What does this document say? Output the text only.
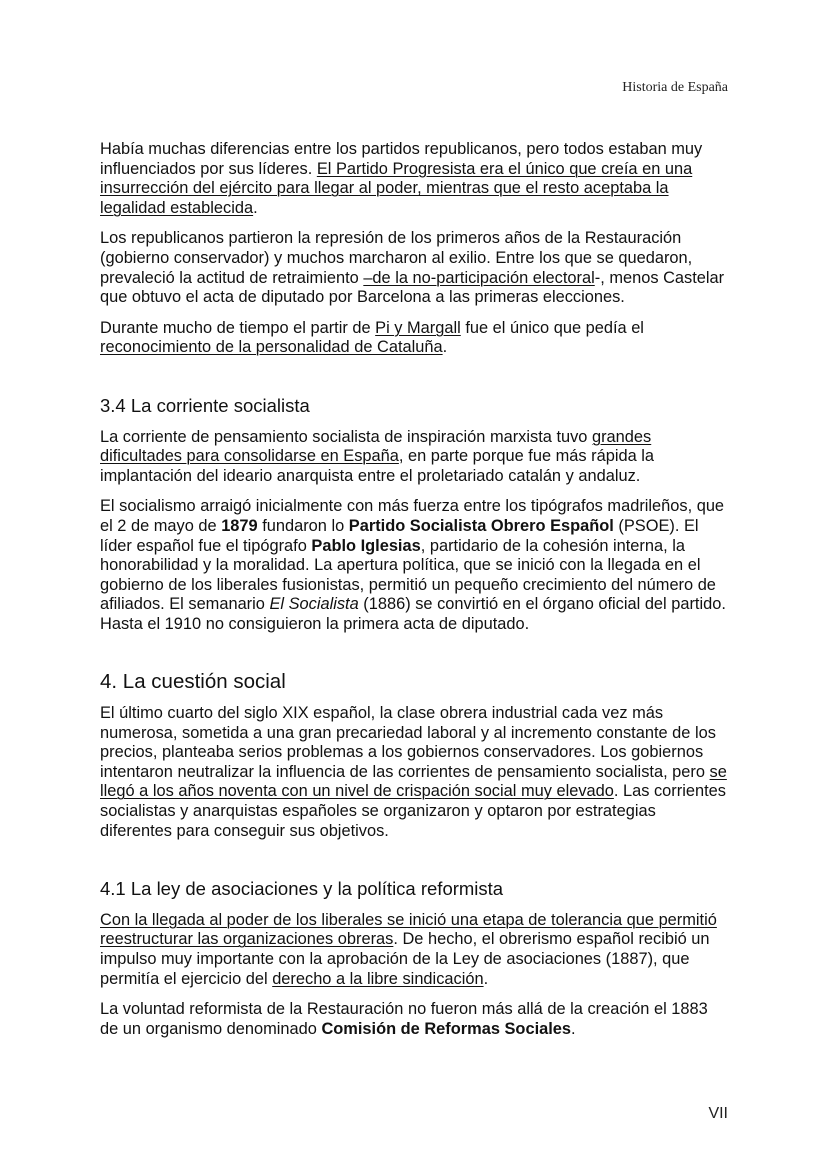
Historia de España

Había muchas diferencias entre los partidos republicanos, pero todos estaban muy influenciados por sus líderes. El Partido Progresista era el único que creía en una insurrección del ejército para llegar al poder, mientras que el resto aceptaba la legalidad establecida.

Los republicanos partieron la represión de los primeros años de la Restauración (gobierno conservador) y muchos marcharon al exilio. Entre los que se quedaron, prevaleció la actitud de retraimiento –de la no-participación electoral-, menos Castelar que obtuvo el acta de diputado por Barcelona a las primeras elecciones.

Durante mucho de tiempo el partir de Pi y Margall fue el único que pedía el reconocimiento de la personalidad de Cataluña.

3.4 La corriente socialista

La corriente de pensamiento socialista de inspiración marxista tuvo grandes dificultades para consolidarse en España, en parte porque fue más rápida la implantación del ideario anarquista entre el proletariado catalán y andaluz.

El socialismo arraigó inicialmente con más fuerza entre los tipógrafos madrileños, que el 2 de mayo de 1879 fundaron lo Partido Socialista Obrero Español (PSOE). El líder español fue el tipógrafo Pablo Iglesias, partidario de la cohesión interna, la honorabilidad y la moralidad. La apertura política, que se inició con la llegada en el gobierno de los liberales fusionistas, permitió un pequeño crecimiento del número de afiliados. El semanario El Socialista (1886) se convirtió en el órgano oficial del partido. Hasta el 1910 no consiguieron la primera acta de diputado.

4. La cuestión social

El último cuarto del siglo XIX español, la clase obrera industrial cada vez más numerosa, sometida a una gran precariedad laboral y al incremento constante de los precios, planteaba serios problemas a los gobiernos conservadores. Los gobiernos intentaron neutralizar la influencia de las corrientes de pensamiento socialista, pero se llegó a los años noventa con un nivel de crispación social muy elevado. Las corrientes socialistas y anarquistas españoles se organizaron y optaron por estrategias diferentes para conseguir sus objetivos.

4.1 La ley de asociaciones y la política reformista

Con la llegada al poder de los liberales se inició una etapa de tolerancia que permitió reestructurar las organizaciones obreras. De hecho, el obrerismo español recibió un impulso muy importante con la aprobación de la Ley de asociaciones (1887), que permitía el ejercicio del derecho a la libre sindicación.

La voluntad reformista de la Restauración no fueron más allá de la creación el 1883 de un organismo denominado Comisión de Reformas Sociales.

VII
